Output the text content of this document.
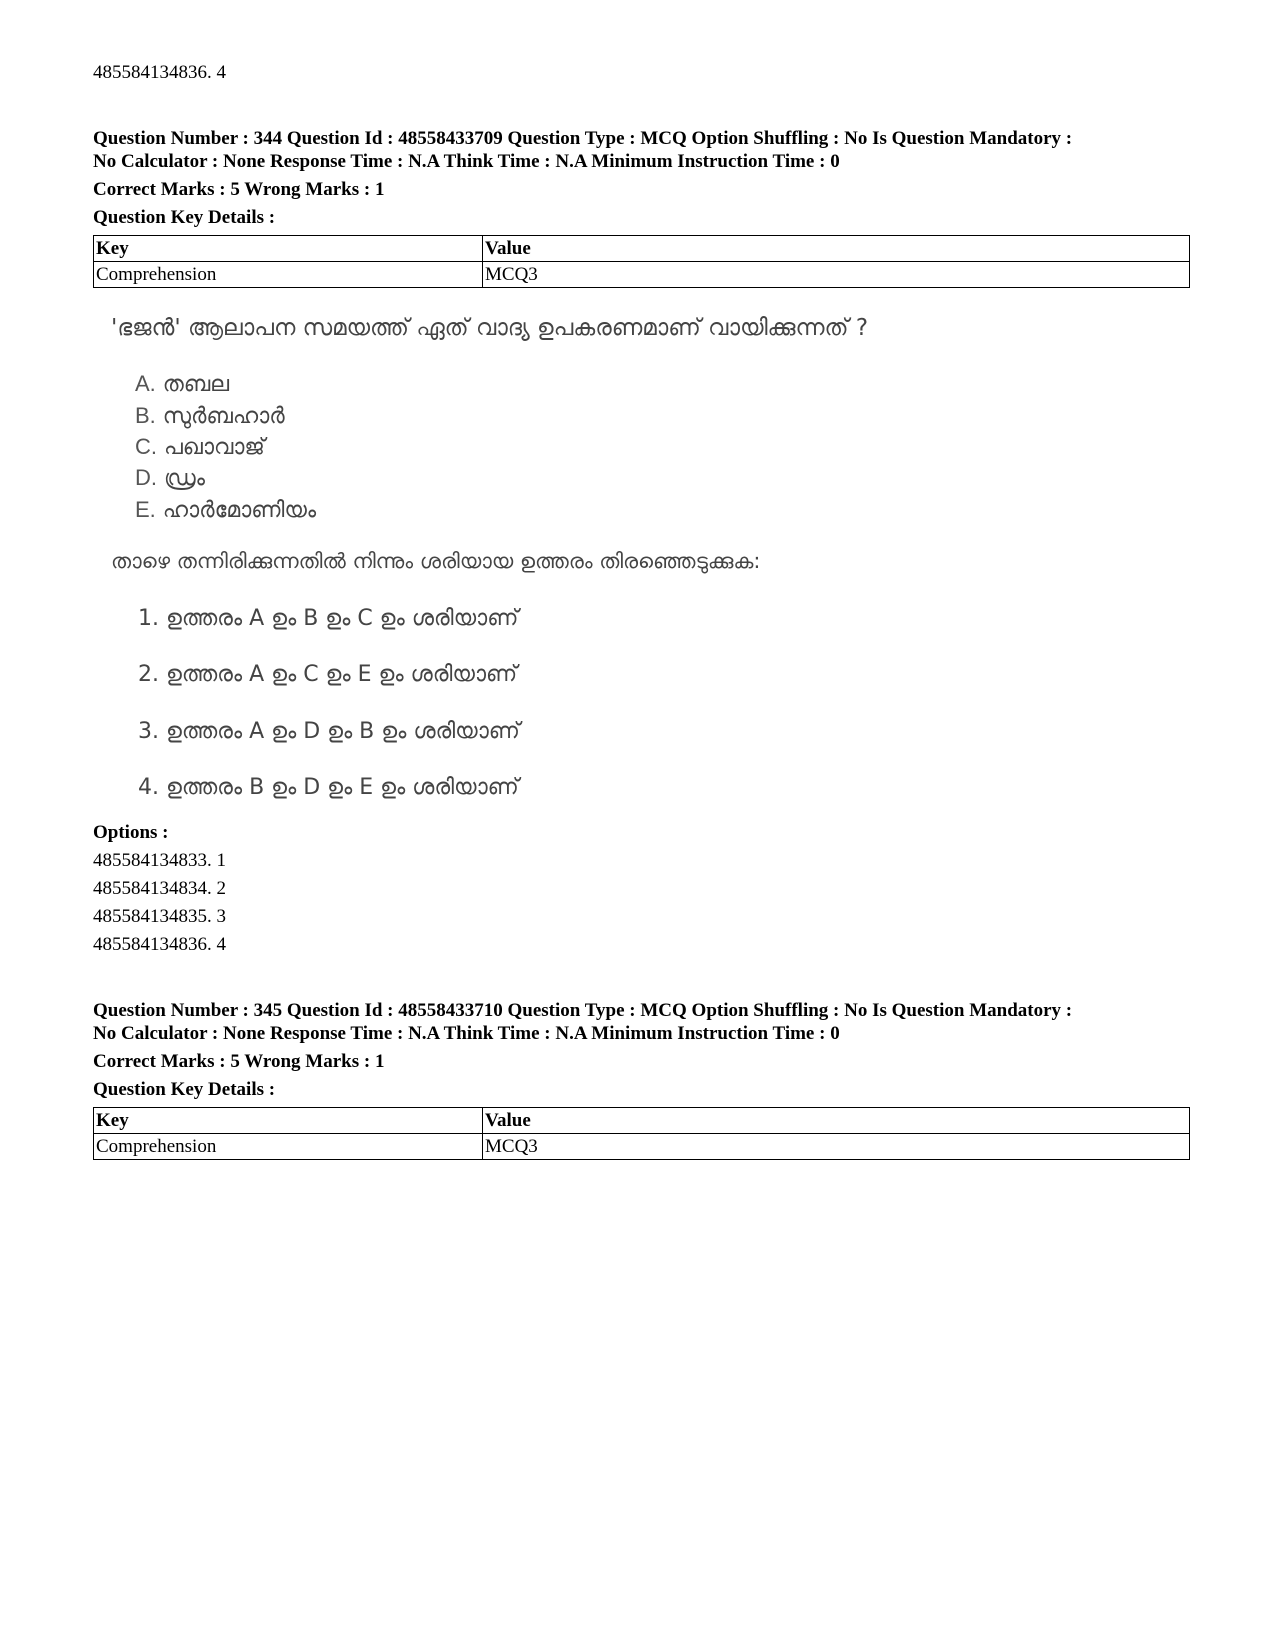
485584134836. 4
Question Number : 344 Question Id : 48558433709 Question Type : MCQ Option Shuffling : No Is Question Mandatory :
No Calculator : None Response Time : N.A Think Time : N.A Minimum Instruction Time : 0
Correct Marks : 5 Wrong Marks : 1
Question Key Details :
Key	Value
Comprehension	MCQ3
'ഭജൻ' ആലാപന സമയത്ത് ഏത് വാദ്യ ഉപകരണമാണ് വായിക്കുന്നത് ?
A. തബല
B. സുർബഹാർ
C. പഖാവാജ്
D. ഡ്രം
E. ഹാർമോണിയം
താഴെ തന്നിരിക്കുന്നതിൽ നിന്നും ശരിയായ ഉത്തരം തിരഞ്ഞെടുക്കുക:
1. ഉത്തരം A ഉം B ഉം C ഉം ശരിയാണ്
2. ഉത്തരം A ഉം C ഉം E ഉം ശരിയാണ്
3. ഉത്തരം A ഉം D ഉം B ഉം ശരിയാണ്
4. ഉത്തരം B ഉം D ഉം E ഉം ശരിയാണ്
Options :
485584134833. 1
485584134834. 2
485584134835. 3
485584134836. 4
Question Number : 345 Question Id : 48558433710 Question Type : MCQ Option Shuffling : No Is Question Mandatory :
No Calculator : None Response Time : N.A Think Time : N.A Minimum Instruction Time : 0
Correct Marks : 5 Wrong Marks : 1
Question Key Details :
Key	Value
Comprehension	MCQ3
